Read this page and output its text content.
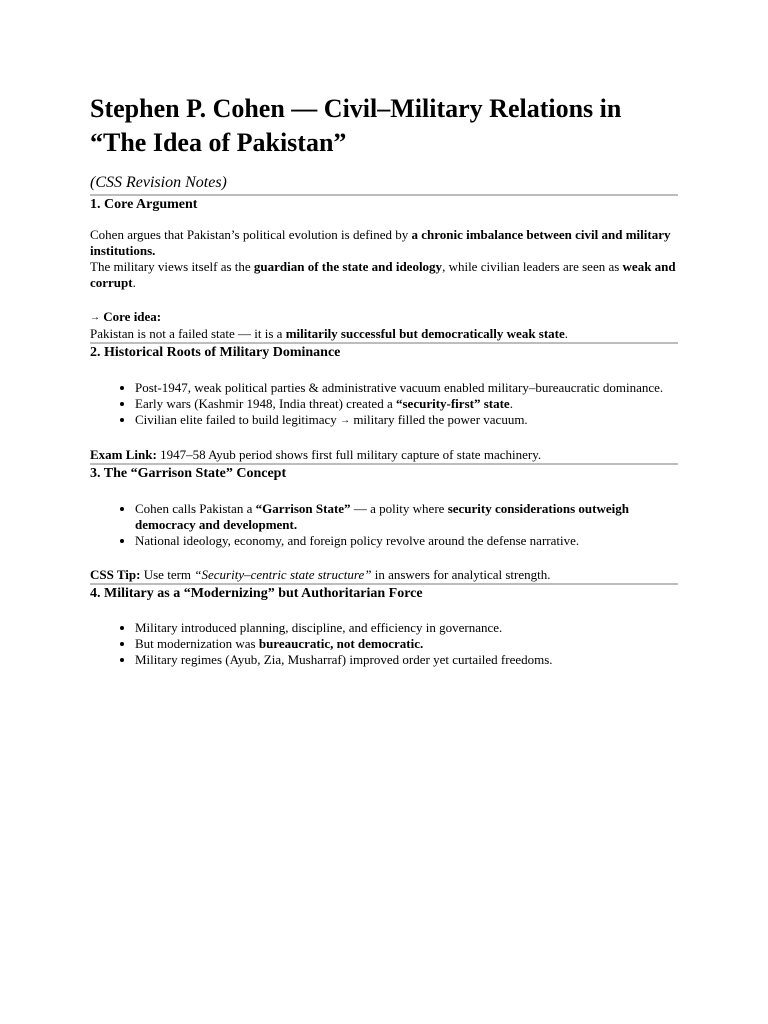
Stephen P. Cohen — Civil–Military Relations in “The Idea of Pakistan”

(CSS Revision Notes)

1. Core Argument

Cohen argues that Pakistan’s political evolution is defined by a chronic imbalance between civil and military institutions.

The military views itself as the guardian of the state and ideology, while civilian leaders are seen as weak and corrupt.

→ Core idea:

Pakistan is not a failed state — it is a militarily successful but democratically weak state.

2. Historical Roots of Military Dominance
• Post-1947, weak political parties & administrative vacuum enabled military–bureaucratic dominance.
• Early wars (Kashmir 1948, India threat) created a “security-first” state.
• Civilian elite failed to build legitimacy → military filled the power vacuum.

Exam Link: 1947–58 Ayub period shows first full military capture of state machinery.

3. The “Garrison State” Concept
• Cohen calls Pakistan a “Garrison State” — a polity where security considerations outweigh democracy and development.
• National ideology, economy, and foreign policy revolve around the defense narrative.

CSS Tip: Use term “Security–centric state structure” in answers for analytical strength.

4. Military as a “Modernizing” but Authoritarian Force
• Military introduced planning, discipline, and efficiency in governance.
• But modernization was bureaucratic, not democratic.
• Military regimes (Ayub, Zia, Musharraf) improved order yet curtailed freedoms.
